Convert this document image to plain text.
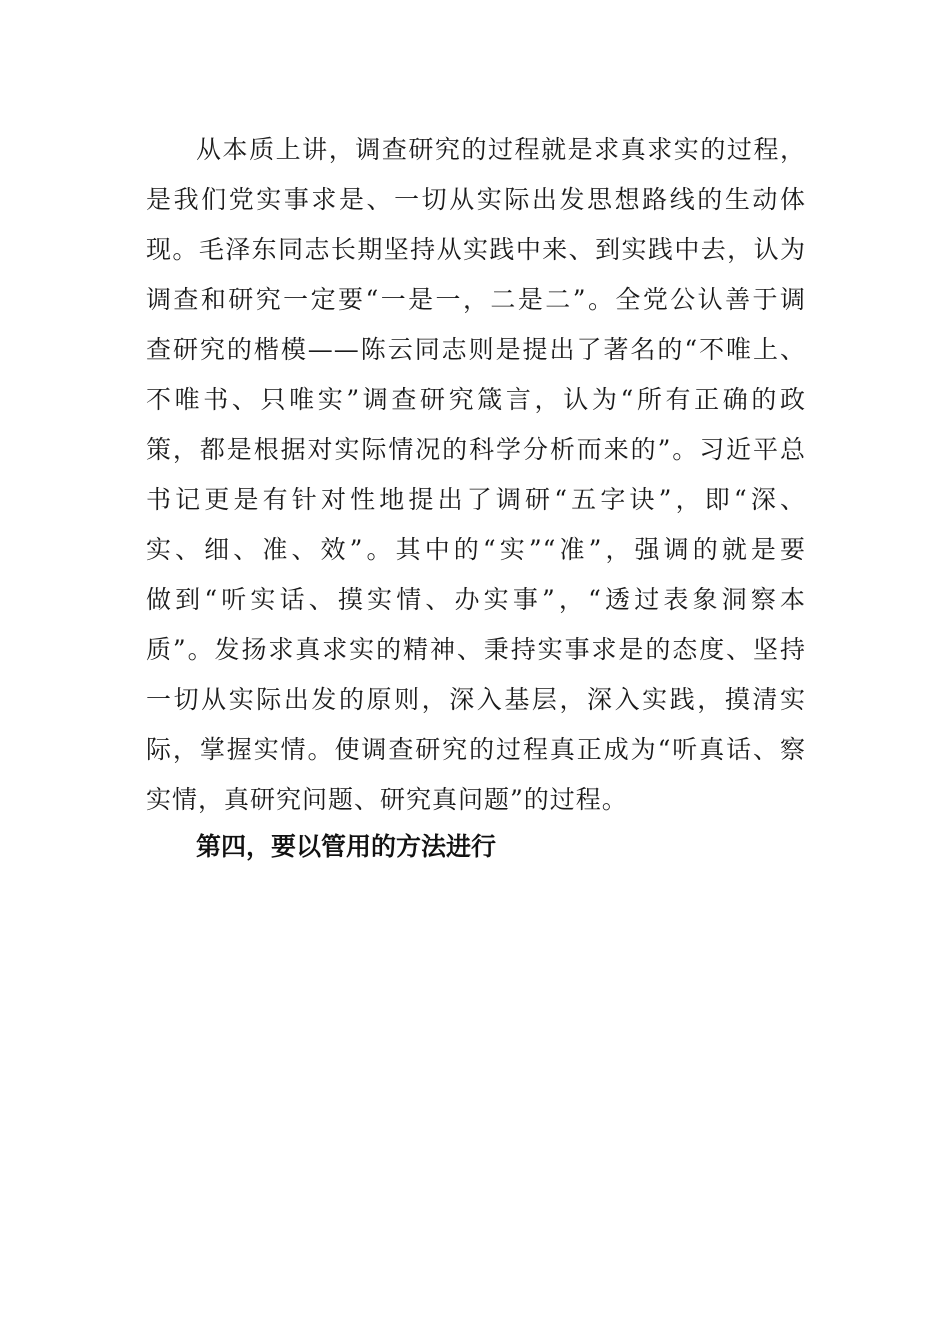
从本质上讲，调查研究的过程就是求真求实的过程，
是我们党实事求是、一切从实际出发思想路线的生动体
现。毛泽东同志长期坚持从实践中来、到实践中去，认为
调查和研究一定要“一是一，二是二”。全党公认善于调
查研究的楷模——陈云同志则是提出了著名的“不唯上、
不唯书、只唯实”调查研究箴言，认为“所有正确的政
策，都是根据对实际情况的科学分析而来的”。习近平总
书记更是有针对性地提出了调研“五字诀”，即“深、
实、细、准、效”。其中的“实”“准”，强调的就是要
做到“听实话、摸实情、办实事”，“透过表象洞察本
质”。发扬求真求实的精神、秉持实事求是的态度、坚持
一切从实际出发的原则，深入基层，深入实践，摸清实
际，掌握实情。使调查研究的过程真正成为“听真话、察
实情，真研究问题、研究真问题”的过程。
第四，要以管用的方法进行
